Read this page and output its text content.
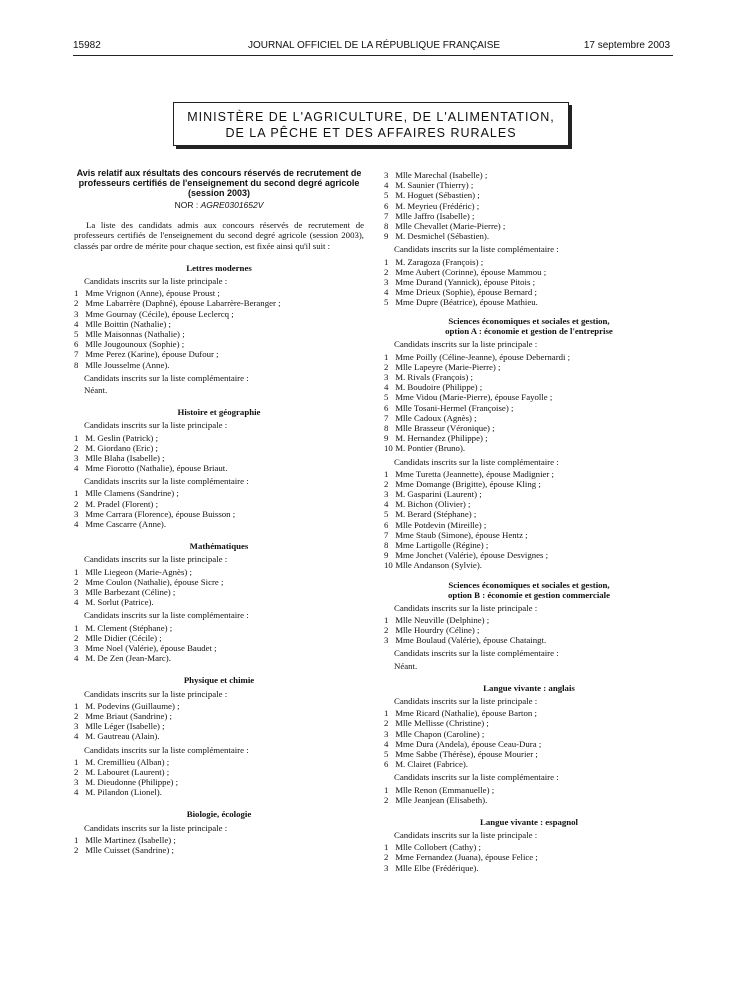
15982	JOURNAL OFFICIEL DE LA RÉPUBLIQUE FRANÇAISE	17 septembre 2003
MINISTÈRE DE L'AGRICULTURE, DE L'ALIMENTATION,
DE LA PÊCHE ET DES AFFAIRES RURALES
Avis relatif aux résultats des concours réservés de recrutement de professeurs certifiés de l'enseignement du second degré agricole (session 2003)
NOR : AGRE0301652V
La liste des candidats admis aux concours réservés de recrutement de professeurs certifiés de l'enseignement du second degré agricole (session 2003), classés par ordre de mérite pour chaque section, est fixée ainsi qu'il suit :
Lettres modernes
Candidats inscrits sur la liste principale :
1 Mme Vrignon (Anne), épouse Proust ;
2 Mme Labarrère (Daphné), épouse Labarrère-Beranger ;
3 Mme Gournay (Cécile), épouse Leclercq ;
4 Mlle Boittin (Nathalie) ;
5 Mlle Maisonnas (Nathalie) ;
6 Mlle Jougounoux (Sophie) ;
7 Mme Perez (Karine), épouse Dufour ;
8 Mlle Jousselme (Anne).
Candidats inscrits sur la liste complémentaire :
Néant.
Histoire et géographie
Candidats inscrits sur la liste principale :
1 M. Geslin (Patrick) ;
2 M. Giordano (Eric) ;
3 Mlle Blaha (Isabelle) ;
4 Mme Fiorotto (Nathalie), épouse Briaut.
Candidats inscrits sur la liste complémentaire :
1 Mlle Clamens (Sandrine) ;
2 M. Pradel (Florent) ;
3 Mme Carrara (Florence), épouse Buisson ;
4 Mme Cascarre (Anne).
Mathématiques
Candidats inscrits sur la liste principale :
1 Mlle Liegeon (Marie-Agnès) ;
2 Mme Coulon (Nathalie), épouse Sicre ;
3 Mlle Barbezant (Céline) ;
4 M. Sorlut (Patrice).
Candidats inscrits sur la liste complémentaire :
1 M. Clement (Stéphane) ;
2 Mlle Didier (Cécile) ;
3 Mme Noel (Valérie), épouse Baudet ;
4 M. De Zen (Jean-Marc).
Physique et chimie
Candidats inscrits sur la liste principale :
1 M. Podevins (Guillaume) ;
2 Mme Briaut (Sandrine) ;
3 Mlle Léger (Isabelle) ;
4 M. Gautreau (Alain).
Candidats inscrits sur la liste complémentaire :
1 M. Cremillieu (Alban) ;
2 M. Labouret (Laurent) ;
3 M. Dieudonne (Philippe) ;
4 M. Pilandon (Lionel).
Biologie, écologie
Candidats inscrits sur la liste principale :
1 Mlle Martinez (Isabelle) ;
2 Mlle Cuisset (Sandrine) ;
3 Mlle Marechal (Isabelle) ;
4 M. Saunier (Thierry) ;
5 M. Hoguet (Sébastien) ;
6 M. Meyrieu (Frédéric) ;
7 Mlle Jaffro (Isabelle) ;
8 Mlle Chevallet (Marie-Pierre) ;
9 M. Desmichel (Sébastien).
Candidats inscrits sur la liste complémentaire :
1 M. Zaragoza (François) ;
2 Mme Aubert (Corinne), épouse Mammou ;
3 Mme Durand (Yannick), épouse Pitois ;
4 Mme Drieux (Sophie), épouse Bernard ;
5 Mme Dupre (Béatrice), épouse Mathieu.
Sciences économiques et sociales et gestion,
option A : économie et gestion de l'entreprise
Candidats inscrits sur la liste principale :
1 Mme Poilly (Céline-Jeanne), épouse Debernardi ;
2 Mlle Lapeyre (Marie-Pierre) ;
3 M. Rivals (François) ;
4 M. Boudoire (Philippe) ;
5 Mme Vidou (Marie-Pierre), épouse Fayolle ;
6 Mlle Tosani-Hermel (Françoise) ;
7 Mlle Cadoux (Agnès) ;
8 Mlle Brasseur (Véronique) ;
9 M. Hernandez (Philippe) ;
10 M. Pontier (Bruno).
Candidats inscrits sur la liste complémentaire :
1 Mme Turetta (Jeannette), épouse Madignier ;
2 Mme Domange (Brigitte), épouse Kling ;
3 M. Gasparini (Laurent) ;
4 M. Bichon (Olivier) ;
5 M. Berard (Stéphane) ;
6 Mlle Potdevin (Mireille) ;
7 Mme Staub (Simone), épouse Hentz ;
8 Mme Lartigolle (Régine) ;
9 Mme Jonchet (Valérie), épouse Desvignes ;
10 Mlle Andanson (Sylvie).
Sciences économiques et sociales et gestion,
option B : économie et gestion commerciale
Candidats inscrits sur la liste principale :
1 Mlle Neuville (Delphine) ;
2 Mlle Hourdry (Céline) ;
3 Mme Boulaud (Valérie), épouse Chataingt.
Candidats inscrits sur la liste complémentaire :
Néant.
Langue vivante : anglais
Candidats inscrits sur la liste principale :
1 Mme Ricard (Nathalie), épouse Barton ;
2 Mlle Mellisse (Christine) ;
3 Mlle Chapon (Caroline) ;
4 Mme Dura (Andela), épouse Ceau-Dura ;
5 Mme Sabbe (Thérèse), épouse Mourier ;
6 M. Clairet (Fabrice).
Candidats inscrits sur la liste complémentaire :
1 Mlle Renon (Emmanuelle) ;
2 Mlle Jeanjean (Elisabeth).
Langue vivante : espagnol
Candidats inscrits sur la liste principale :
1 Mlle Collobert (Cathy) ;
2 Mme Fernandez (Juana), épouse Felice ;
3 Mlle Elbe (Frédérique).
